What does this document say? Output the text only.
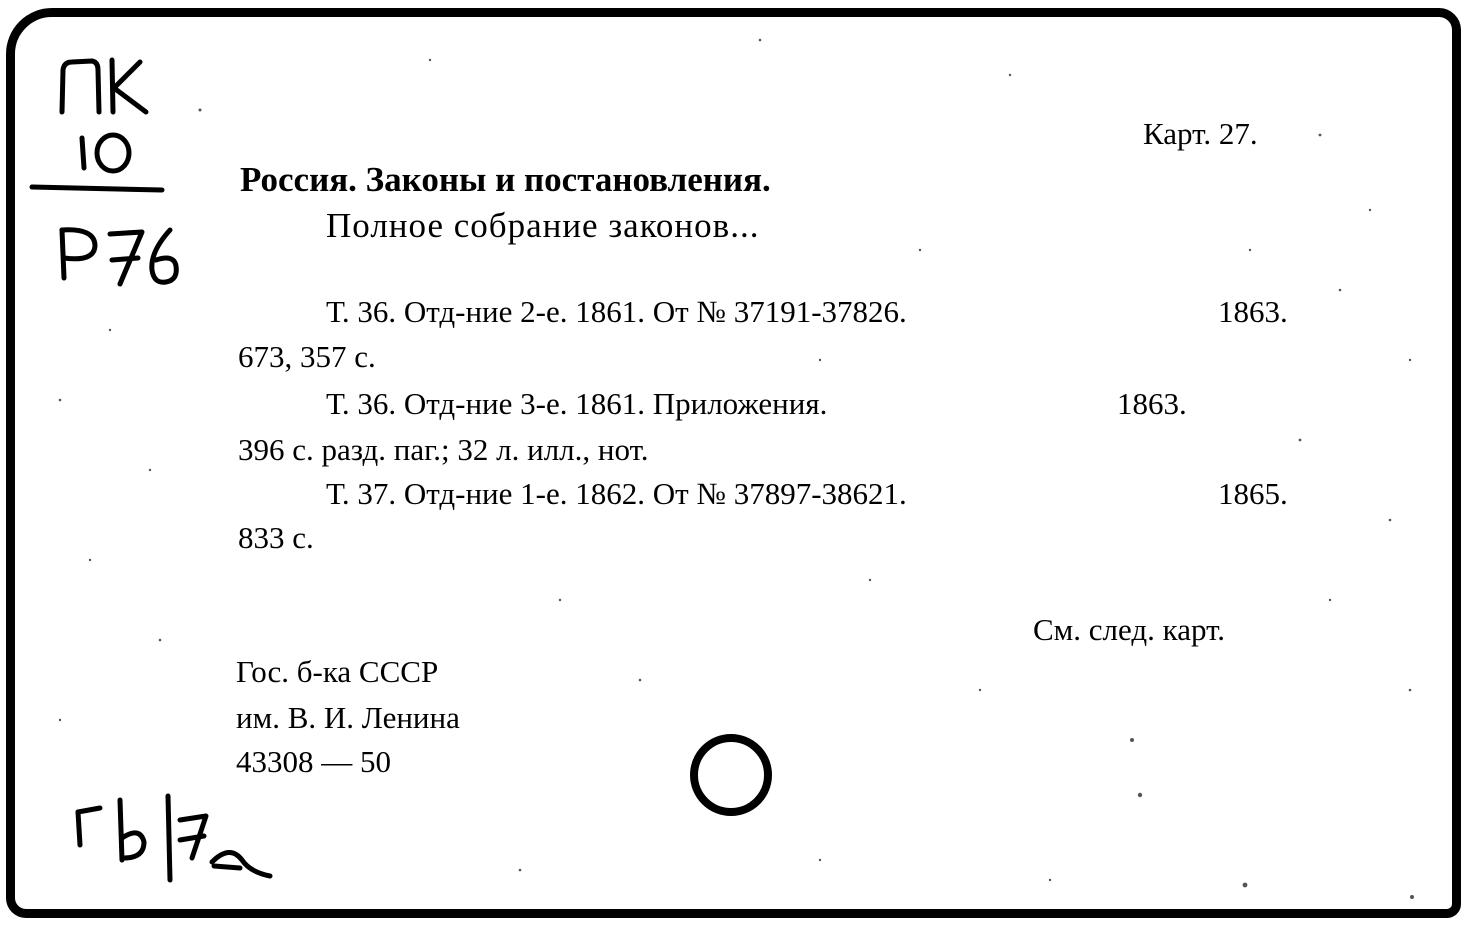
Карт. 27.
Россия. Законы и постановления.
Полное собрание законов...
Т. 36. Отд-ние 2-е. 1861. От № 37191-37826.	1863.
673, 357 с.
Т. 36. Отд-ние 3-е. 1861. Приложения.	1863.
396 с. разд. паг.; 32 л. илл., нот.
Т. 37. Отд-ние 1-е. 1862. От № 37897-38621.	1865.
833 с.
См. след. карт.
Гос. б-ка СССР
им. В. И. Ленина
43308 — 50
